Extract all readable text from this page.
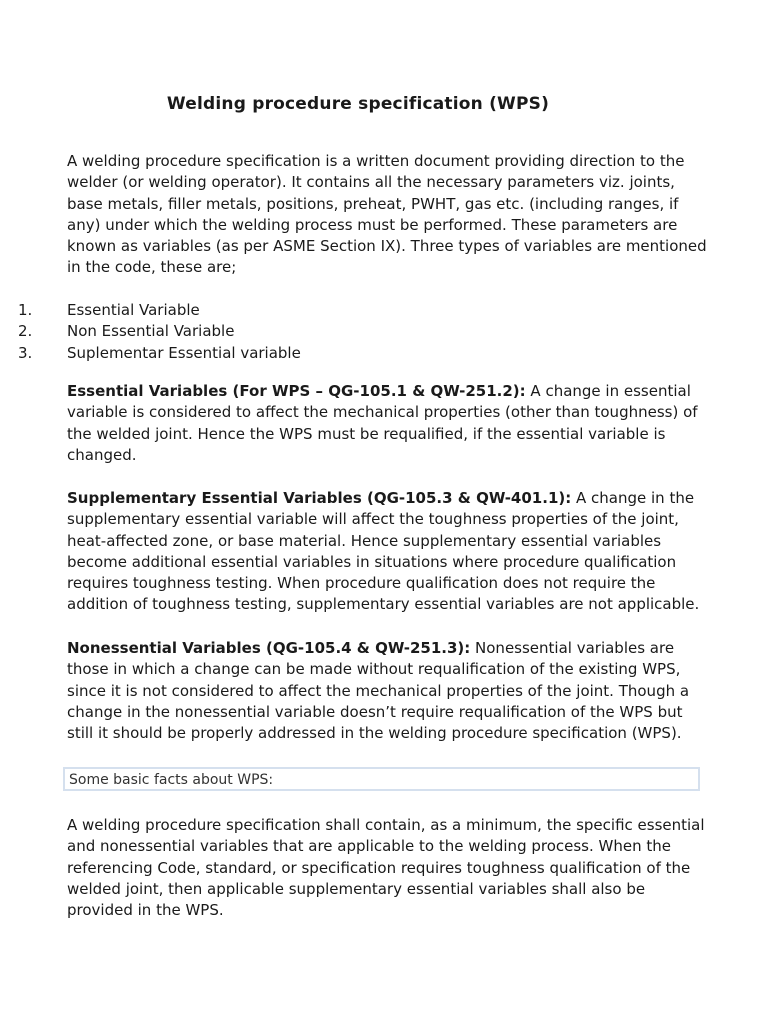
Welding procedure specification (WPS)
A welding procedure specification is a written document providing direction to the welder (or welding operator). It contains all the necessary parameters viz. joints, base metals, filler metals, positions, preheat, PWHT, gas etc. (including ranges, if any) under which the welding process must be performed. These parameters are known as variables (as per ASME Section IX). Three types of variables are mentioned in the code, these are;
1.	Essential Variable
2.	Non Essential Variable
3.	Suplementar Essential variable
Essential Variables (For WPS – QG-105.1 & QW-251.2): A change in essential variable is considered to affect the mechanical properties (other than toughness) of the welded joint. Hence the WPS must be requalified, if the essential variable is changed.
Supplementary Essential Variables (QG-105.3 & QW-401.1): A change in the supplementary essential variable will affect the toughness properties of the joint, heat-affected zone, or base material. Hence supplementary essential variables become additional essential variables in situations where procedure qualification requires toughness testing. When procedure qualification does not require the addition of toughness testing, supplementary essential variables are not applicable.
Nonessential Variables (QG-105.4 & QW-251.3): Nonessential variables are those in which a change can be made without requalification of the existing WPS, since it is not considered to affect the mechanical properties of the joint. Though a change in the nonessential variable doesn’t require requalification of the WPS but still it should be properly addressed in the welding procedure specification (WPS).
Some basic facts about WPS:
A welding procedure specification shall contain, as a minimum, the specific essential and nonessential variables that are applicable to the welding process. When the referencing Code, standard, or specification requires toughness qualification of the welded joint, then applicable supplementary essential variables shall also be provided in the WPS.
